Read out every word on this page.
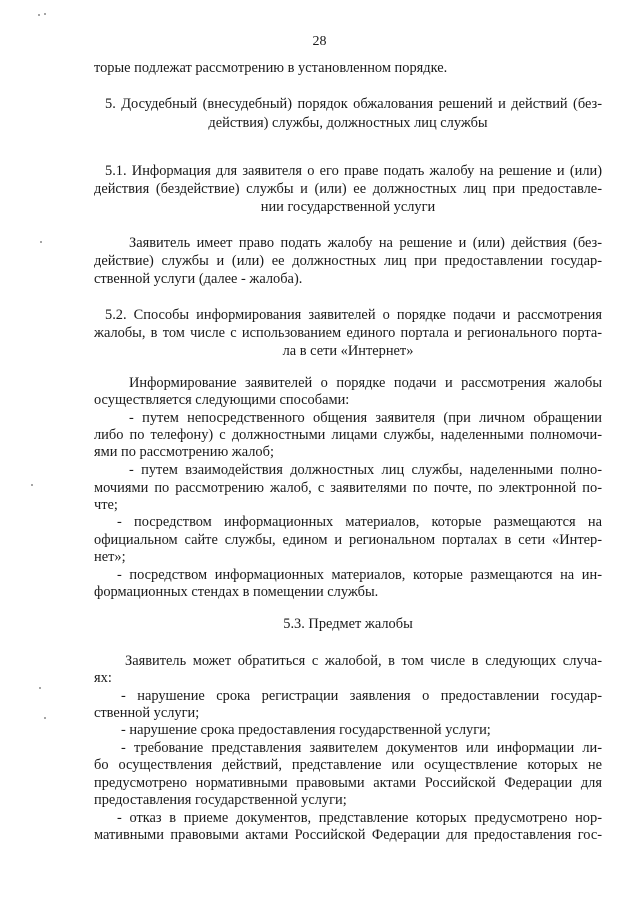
28
торые подлежат рассмотрению в установленном порядке.
5. Досудебный (внесудебный) порядок обжалования решений и действий (без-
действия) службы, должностных лиц службы
5.1. Информация для заявителя о его праве подать жалобу на решение и (или)
действия (бездействие) службы и (или) ее должностных лиц при предоставле-
нии государственной услуги
Заявитель имеет право подать жалобу на решение и (или) действия (без-
действие) службы и (или) ее должностных лиц при предоставлении государ-
ственной услуги (далее - жалоба).
5.2. Способы информирования заявителей о порядке подачи и рассмотрения
жалобы, в том числе с использованием единого портала и регионального порта-
ла в сети «Интернет»
Информирование заявителей о порядке подачи и рассмотрения жалобы
осуществляется следующими способами:
- путем непосредственного общения заявителя (при личном обращении
либо по телефону) с должностными лицами службы, наделенными полномочи-
ями по рассмотрению жалоб;
- путем взаимодействия должностных лиц службы, наделенными полно-
мочиями по рассмотрению жалоб, с заявителями по почте, по электронной по-
чте;
- посредством информационных материалов, которые размещаются на
официальном сайте службы, едином и региональном порталах в сети «Интер-
нет»;
- посредством информационных материалов, которые размещаются на ин-
формационных стендах в помещении службы.
5.3. Предмет жалобы
Заявитель может обратиться с жалобой, в том числе в следующих случа-
ях:
- нарушение срока регистрации заявления о предоставлении государ-
ственной услуги;
- нарушение срока предоставления государственной услуги;
- требование представления заявителем документов или информации ли-
бо осуществления действий, представление или осуществление которых не
предусмотрено нормативными правовыми актами Российской Федерации для
предоставления государственной услуги;
- отказ в приеме документов, представление которых предусмотрено нор-
мативными правовыми актами Российской Федерации для предоставления гос-
